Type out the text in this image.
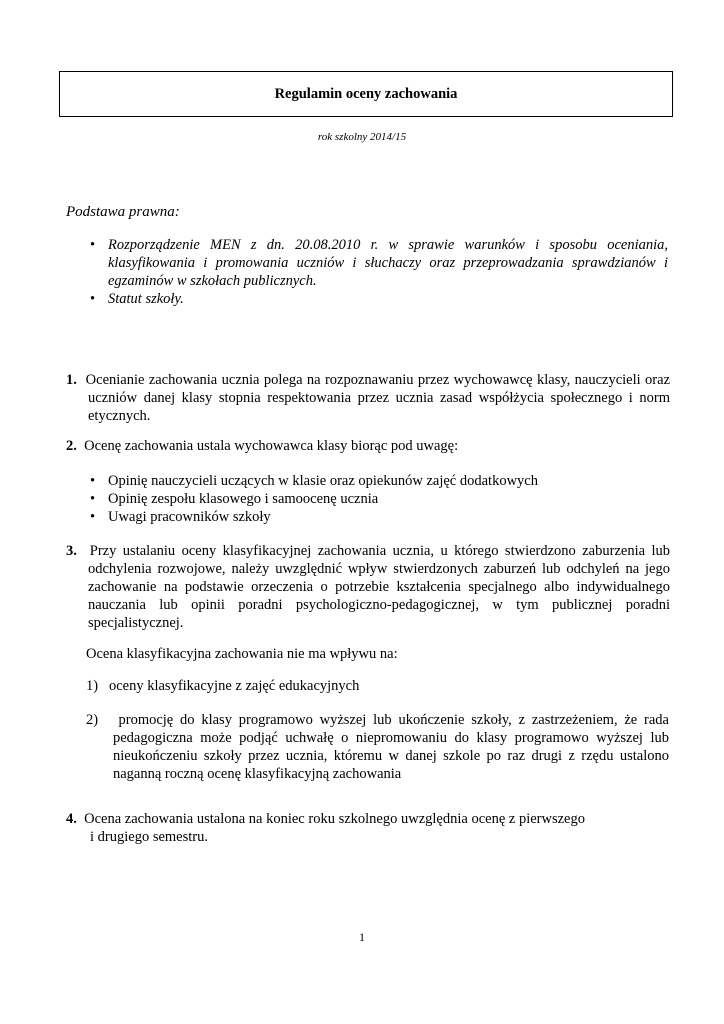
Regulamin oceny zachowania
rok szkolny 2014/15
Podstawa prawna:
• Rozporządzenie MEN z dn. 20.08.2010 r. w sprawie warunków i sposobu oceniania, klasyfikowania i promowania uczniów i słuchaczy oraz przeprowadzania sprawdzianów i egzaminów w szkołach publicznych.
• Statut szkoły.
1. Ocenianie zachowania ucznia polega na rozpoznawaniu przez wychowawcę klasy, nauczycieli oraz uczniów danej klasy stopnia respektowania przez ucznia zasad współżycia społecznego i norm etycznych.
2. Ocenę zachowania ustala wychowawca klasy biorąc pod uwagę:
• Opinię nauczycieli uczących w klasie oraz opiekunów zajęć dodatkowych
• Opinię zespołu klasowego i samoocenę ucznia
• Uwagi pracowników szkoły
3. Przy ustalaniu oceny klasyfikacyjnej zachowania ucznia, u którego stwierdzono zaburzenia lub odchylenia rozwojowe, należy uwzględnić wpływ stwierdzonych zaburzeń lub odchyleń na jego zachowanie na podstawie orzeczenia o potrzebie kształcenia specjalnego albo indywidualnego nauczania lub opinii poradni psychologiczno-pedagogicznej, w tym publicznej poradni specjalistycznej.
Ocena klasyfikacyjna zachowania nie ma wpływu na:
1) oceny klasyfikacyjne z zajęć edukacyjnych
2) promocję do klasy programowo wyższej lub ukończenie szkoły, z zastrzeżeniem, że rada pedagogiczna może podjąć uchwałę o niepromowaniu do klasy programowo wyższej lub nieukończeniu szkoły przez ucznia, któremu w danej szkole po raz drugi z rzędu ustalono naganną roczną ocenę klasyfikacyjną zachowania
4. Ocena zachowania ustalona na koniec roku szkolnego uwzględnia ocenę z pierwszego
i drugiego semestru.
1
